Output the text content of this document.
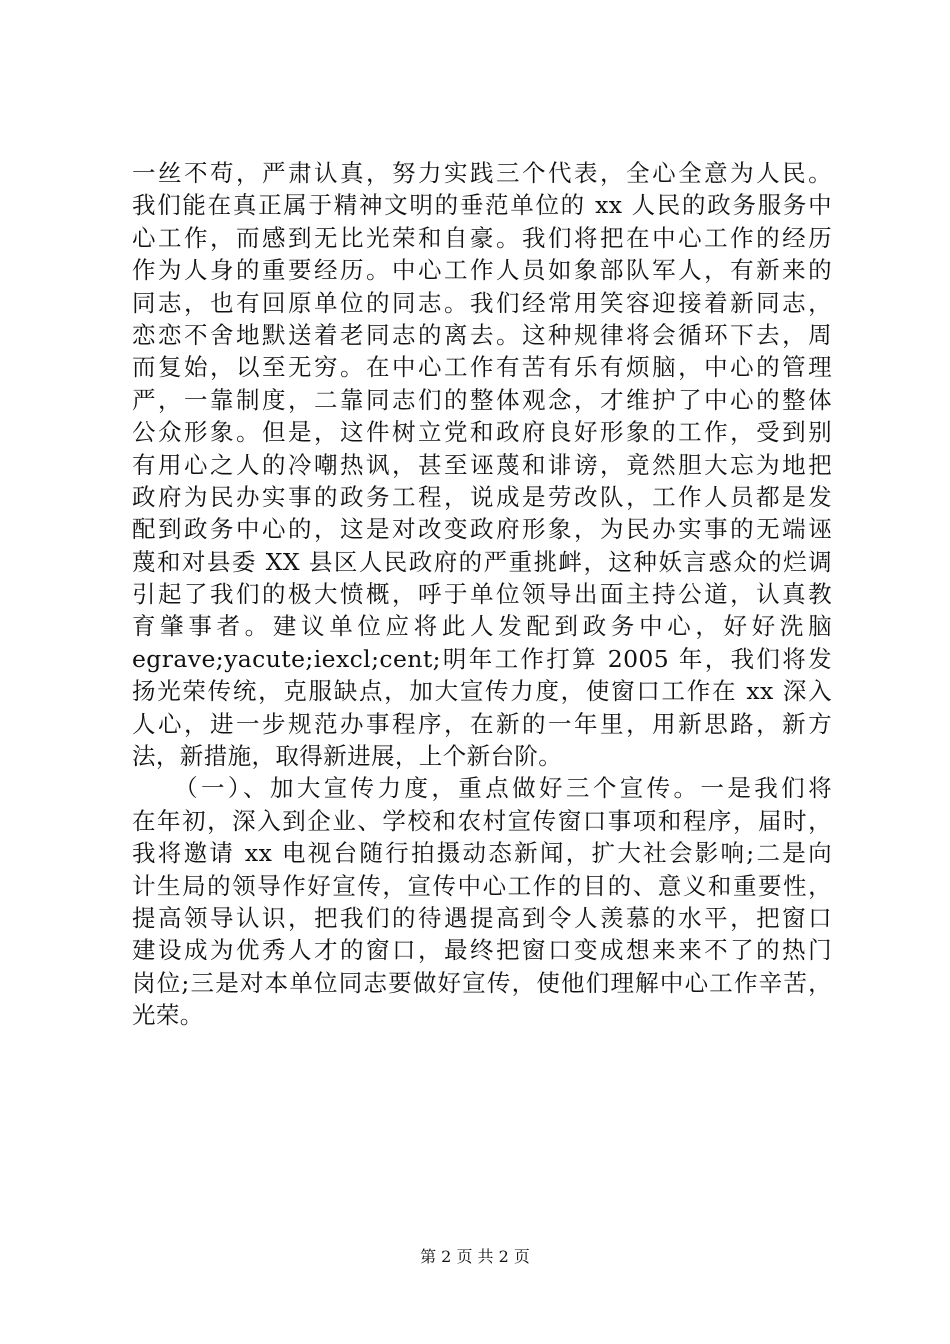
一丝不苟，严肃认真，努力实践三个代表，全心全意为人民。
我们能在真正属于精神文明的垂范单位的 xx 人民的政务服务中
心工作，而感到无比光荣和自豪。我们将把在中心工作的经历
作为人身的重要经历。中心工作人员如象部队军人，有新来的
同志，也有回原单位的同志。我们经常用笑容迎接着新同志，
恋恋不舍地默送着老同志的离去。这种规律将会循环下去，周
而复始，以至无穷。在中心工作有苦有乐有烦脑，中心的管理
严，一靠制度，二靠同志们的整体观念，才维护了中心的整体
公众形象。但是，这件树立党和政府良好形象的工作，受到别
有用心之人的冷嘲热讽，甚至诬蔑和诽谤，竟然胆大忘为地把
政府为民办实事的政务工程，说成是劳改队，工作人员都是发
配到政务中心的，这是对改变政府形象，为民办实事的无端诬
蔑和对县委 XX 县区人民政府的严重挑衅，这种妖言惑众的烂调
引起了我们的极大愤概，呼于单位领导出面主持公道，认真教
育肇事者。建议单位应将此人发配到政务中心，好好洗脑
egrave;yacute;iexcl;cent;明年工作打算 2005 年，我们将发
扬光荣传统，克服缺点，加大宣传力度，使窗口工作在 xx 深入
人心，进一步规范办事程序，在新的一年里，用新思路，新方
法，新措施，取得新进展，上个新台阶。
　　（一）、加大宣传力度，重点做好三个宣传。一是我们将
在年初，深入到企业、学校和农村宣传窗口事项和程序，届时，
我将邀请 xx 电视台随行拍摄动态新闻，扩大社会影响;二是向
计生局的领导作好宣传，宣传中心工作的目的、意义和重要性，
提高领导认识，把我们的待遇提高到令人羡慕的水平，把窗口
建设成为优秀人才的窗口，最终把窗口变成想来来不了的热门
岗位;三是对本单位同志要做好宣传，使他们理解中心工作辛苦，
光荣。
第 2 页 共 2 页
